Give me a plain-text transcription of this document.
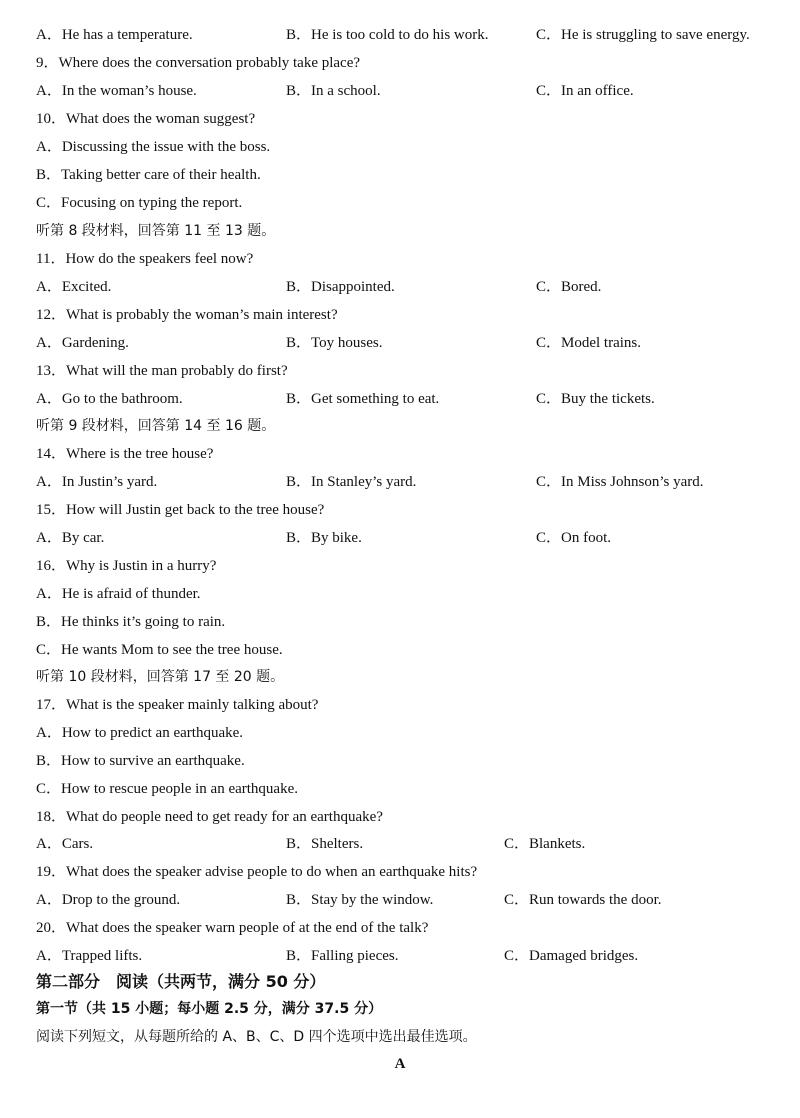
A．He has a temperature.	B．He is too cold to do his work.	C．He is struggling to save energy.
9．Where does the conversation probably take place?
A．In the woman’s house.	B．In a school.	C．In an office.
10．What does the woman suggest?
A．Discussing the issue with the boss.
B．Taking better care of their health.
C．Focusing on typing the report.
听第 8 段材料，回答第 11 至 13 题。
11．How do the speakers feel now?
A．Excited.	B．Disappointed.	C．Bored.
12．What is probably the woman’s main interest?
A．Gardening.	B．Toy houses.	C．Model trains.
13．What will the man probably do first?
A．Go to the bathroom.	B．Get something to eat.	C．Buy the tickets.
听第 9 段材料，回答第 14 至 16 题。
14．Where is the tree house?
A．In Justin’s yard.	B．In Stanley’s yard.	C．In Miss Johnson’s yard.
15．How will Justin get back to the tree house?
A．By car.	B．By bike.	C．On foot.
16．Why is Justin in a hurry?
A．He is afraid of thunder.
B．He thinks it’s going to rain.
C．He wants Mom to see the tree house.
听第 10 段材料，回答第 17 至 20 题。
17．What is the speaker mainly talking about?
A．How to predict an earthquake.
B．How to survive an earthquake.
C．How to rescue people in an earthquake.
18．What do people need to get ready for an earthquake?
A．Cars.	B．Shelters.	C．Blankets.
19．What does the speaker advise people to do when an earthquake hits?
A．Drop to the ground.	B．Stay by the window.	C．Run towards the door.
20．What does the speaker warn people of at the end of the talk?
A．Trapped lifts.	B．Falling pieces.	C．Damaged bridges.
第二部分　阅读（共两节，满分 50 分）
第一节（共 15 小题；每小题 2.5 分，满分 37.5 分）
阅读下列短文，从每题所给的 A、B、C、D 四个选项中选出最佳选项。
A
